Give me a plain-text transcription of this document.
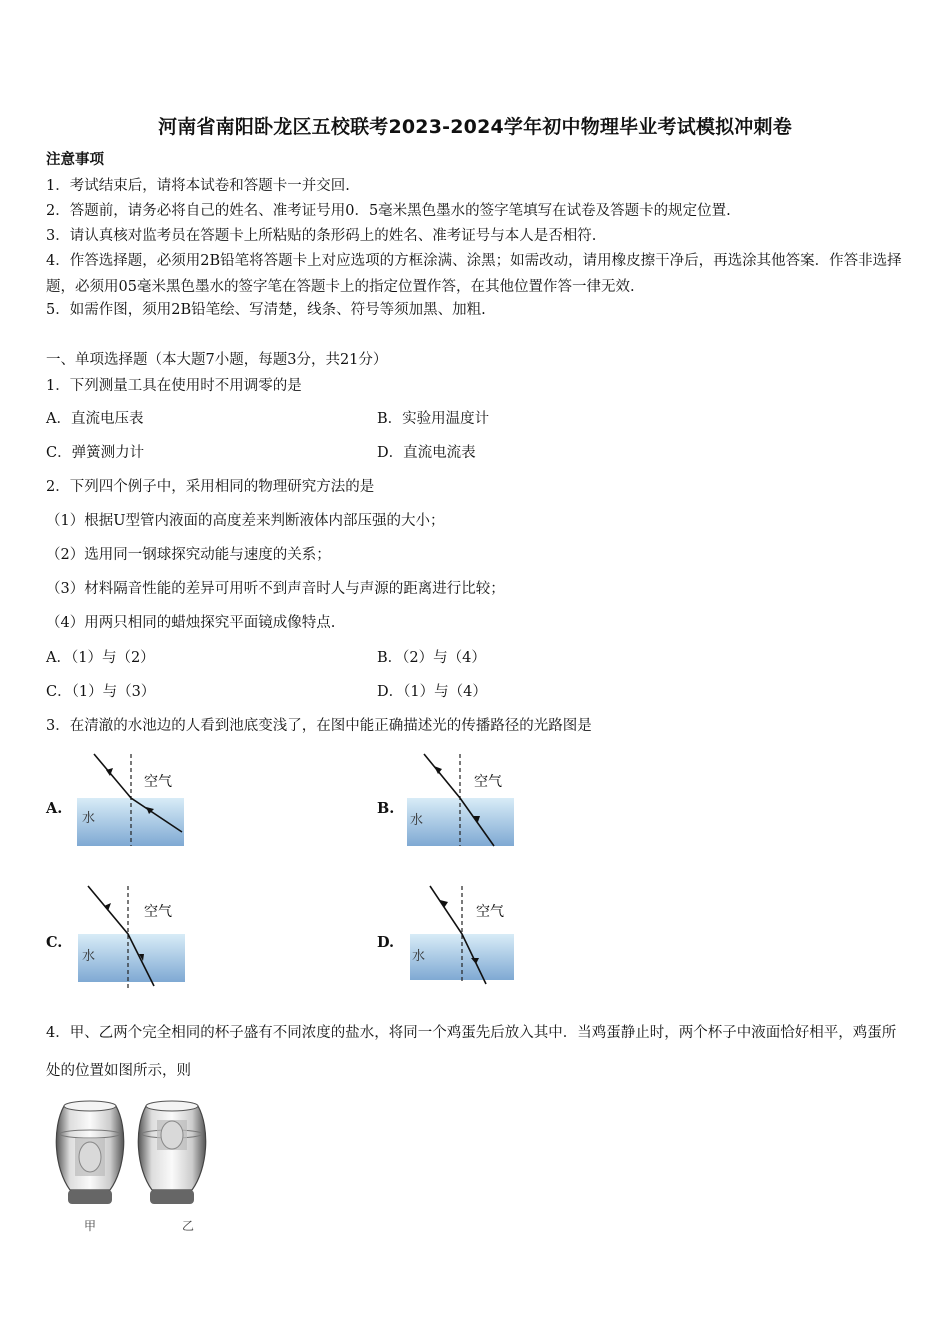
河南省南阳卧龙区五校联考2023-2024学年初中物理毕业考试模拟冲刺卷
注意事项
1．考试结束后，请将本试卷和答题卡一并交回.
2．答题前，请务必将自己的姓名、准考证号用0．5毫米黑色墨水的签字笔填写在试卷及答题卡的规定位置.
3．请认真核对监考员在答题卡上所粘贴的条形码上的姓名、准考证号与本人是否相符.
4．作答选择题，必须用2B铅笔将答题卡上对应选项的方框涂满、涂黑；如需改动，请用橡皮擦干净后，再选涂其他答案．作答非选择题，必须用05毫米黑色墨水的签字笔在答题卡上的指定位置作答，在其他位置作答一律无效.
5．如需作图，须用2B铅笔绘、写清楚，线条、符号等须加黑、加粗.
一、单项选择题（本大题7小题，每题3分，共21分）
1．下列测量工具在使用时不用调零的是
A．直流电压表	B．实验用温度计
C．弹簧测力计	D．直流电流表
2．下列四个例子中，采用相同的物理研究方法的是
（1）根据U型管内液面的高度差来判断液体内部压强的大小；
（2）选用同一钢球探究动能与速度的关系；
（3）材料隔音性能的差异可用听不到声音时人与声源的距离进行比较；
（4）用两只相同的蜡烛探究平面镜成像特点.
A．（1）与（2）	B．（2）与（4）
C．（1）与（3）	D．（1）与（4）
3．在清澈的水池边的人看到池底变浅了，在图中能正确描述光的传播路径的光路图是
A.
空气
水
B.
空气
水
C.
空气
水
D.
空气
水
4．甲、乙两个完全相同的杯子盛有不同浓度的盐水，将同一个鸡蛋先后放入其中．当鸡蛋静止时，两个杯子中液面恰好相平，鸡蛋所处的位置如图所示，则
甲	乙
